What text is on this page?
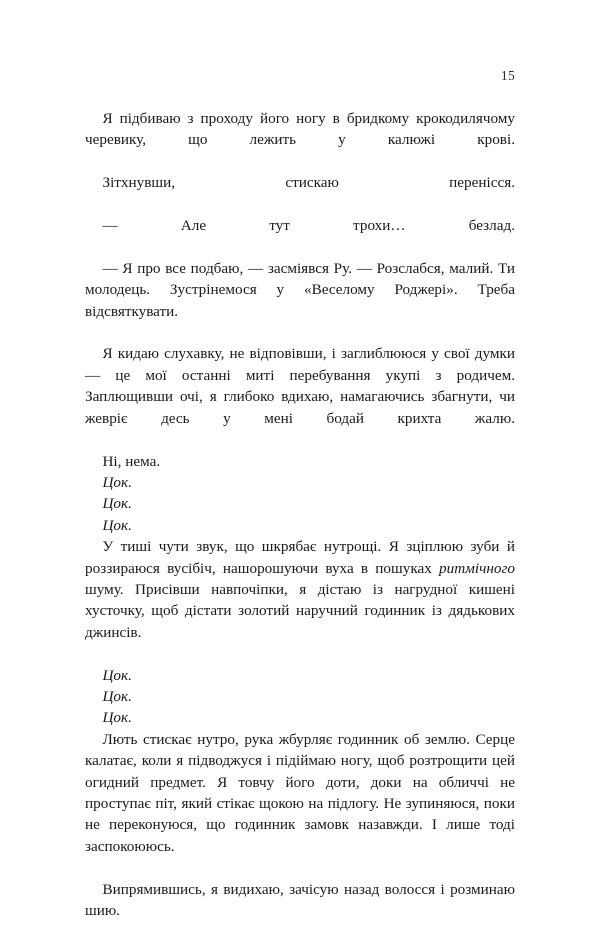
15

Я підбиваю з проходу його ногу в бридкому крокодилячому черевику, що лежить у калюжі крові.

Зітхнувши, стискаю перенісся.

— Але тут трохи… безлад.

— Я про все подбаю, — засміявся Ру. — Розслабся, малий. Ти молодець. Зустрінемося у «Веселому Роджері». Треба відсвяткувати.

Я кидаю слухавку, не відповівши, і заглиблююся у свої думки — це мої останні миті перебування укупі з родичем. Заплющивши очі, я глибоко вдихаю, намагаючись збагнути, чи жевріє десь у мені бодай крихта жалю.

Ні, нема.

Цок.

Цок.

Цок.

У тиші чути звук, що шкрябає нутрощі. Я зціплюю зуби й роззираюся вусібіч, нашорошуючи вуха в пошуках ритмічного шуму. Присівши навпочіпки, я дістаю із нагрудної кишені хусточку, щоб дістати золотий наручний годинник із дядькових джинсів.

Цок.

Цок.

Цок.

Лють стискає нутро, рука жбурляє годинник об землю. Серце калатає, коли я підводжуся і підіймаю ногу, щоб розтрощити цей огидний предмет. Я товчу його доти, доки на обличчі не проступає піт, який стікає щокою на підлогу. Не зупиняюся, поки не переконуюся, що годинник замовк назавжди. І лише тоді заспокоююсь.

Випрямившись, я видихаю, зачісую назад волосся і розминаю шию.
